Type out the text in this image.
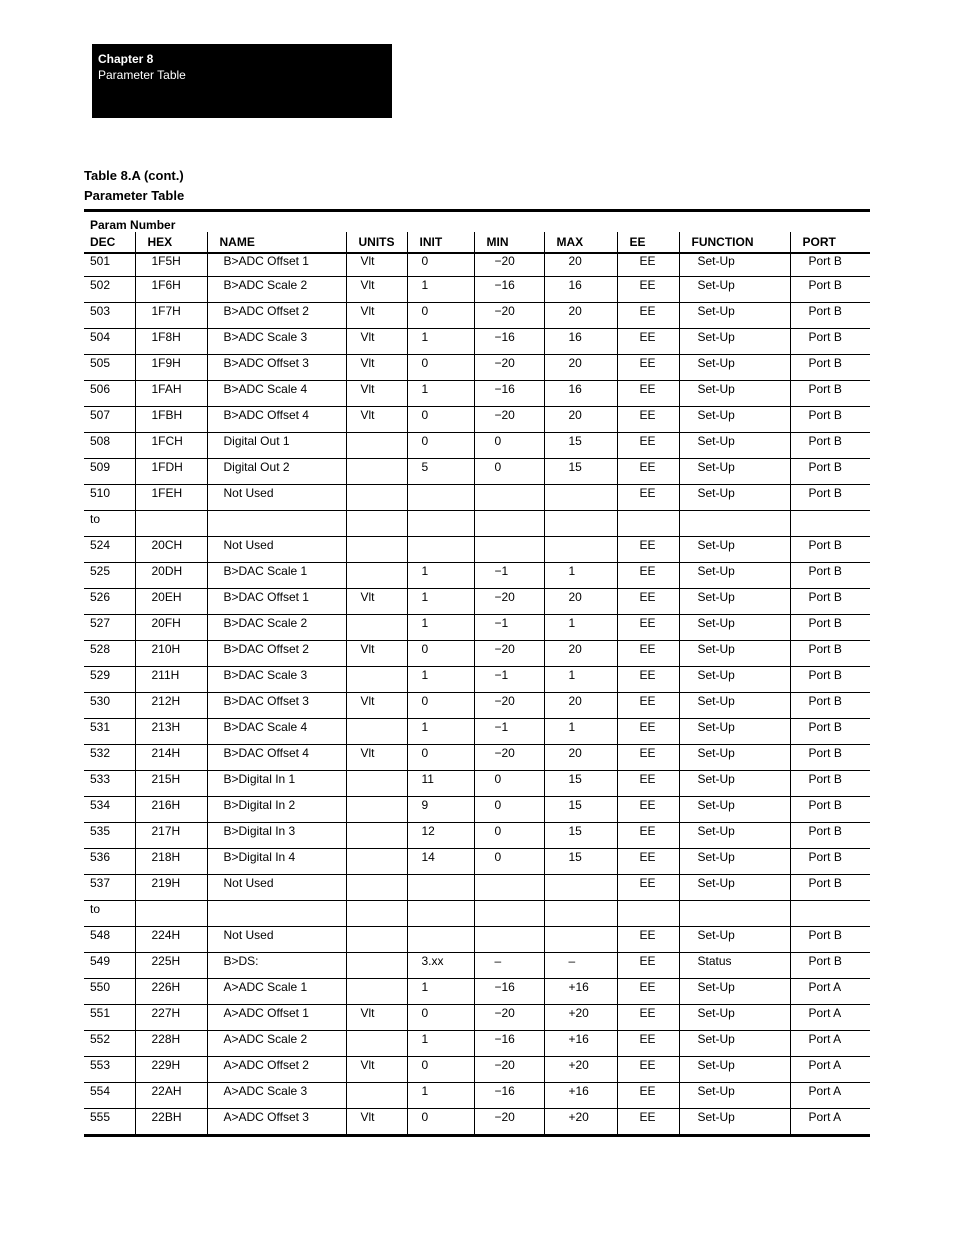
Chapter 8
Parameter Table
Table 8.A (cont.)
Parameter Table
Param Number									
DEC	HEX	NAME	UNITS	INIT	MIN	MAX	EE	FUNCTION	PORT
501	1F5H	B>ADC Offset 1	Vlt	0	−20	20	EE	Set-Up	Port B
502	1F6H	B>ADC Scale 2	Vlt	1	−16	16	EE	Set-Up	Port B
503	1F7H	B>ADC Offset 2	Vlt	0	−20	20	EE	Set-Up	Port B
504	1F8H	B>ADC Scale 3	Vlt	1	−16	16	EE	Set-Up	Port B
505	1F9H	B>ADC Offset 3	Vlt	0	−20	20	EE	Set-Up	Port B
506	1FAH	B>ADC Scale 4	Vlt	1	−16	16	EE	Set-Up	Port B
507	1FBH	B>ADC Offset 4	Vlt	0	−20	20	EE	Set-Up	Port B
508	1FCH	Digital Out 1		0	0	15	EE	Set-Up	Port B
509	1FDH	Digital Out 2		5	0	15	EE	Set-Up	Port B
510	1FEH	Not Used					EE	Set-Up	Port B
to									
524	20CH	Not Used					EE	Set-Up	Port B
525	20DH	B>DAC Scale 1		1	−1	1	EE	Set-Up	Port B
526	20EH	B>DAC Offset 1	Vlt	1	−20	20	EE	Set-Up	Port B
527	20FH	B>DAC Scale 2		1	−1	1	EE	Set-Up	Port B
528	210H	B>DAC Offset 2	Vlt	0	−20	20	EE	Set-Up	Port B
529	211H	B>DAC Scale 3		1	−1	1	EE	Set-Up	Port B
530	212H	B>DAC Offset 3	Vlt	0	−20	20	EE	Set-Up	Port B
531	213H	B>DAC Scale 4		1	−1	1	EE	Set-Up	Port B
532	214H	B>DAC Offset 4	Vlt	0	−20	20	EE	Set-Up	Port B
533	215H	B>Digital In 1		11	0	15	EE	Set-Up	Port B
534	216H	B>Digital In 2		9	0	15	EE	Set-Up	Port B
535	217H	B>Digital In 3		12	0	15	EE	Set-Up	Port B
536	218H	B>Digital In 4		14	0	15	EE	Set-Up	Port B
537	219H	Not Used					EE	Set-Up	Port B
to									
548	224H	Not Used					EE	Set-Up	Port B
549	225H	B>DS:		3.xx	–	–	EE	Status	Port B
550	226H	A>ADC Scale 1		1	−16	+16	EE	Set-Up	Port A
551	227H	A>ADC Offset 1	Vlt	0	−20	+20	EE	Set-Up	Port A
552	228H	A>ADC Scale 2		1	−16	+16	EE	Set-Up	Port A
553	229H	A>ADC Offset 2	Vlt	0	−20	+20	EE	Set-Up	Port A
554	22AH	A>ADC Scale 3		1	−16	+16	EE	Set-Up	Port A
555	22BH	A>ADC Offset 3	Vlt	0	−20	+20	EE	Set-Up	Port A
